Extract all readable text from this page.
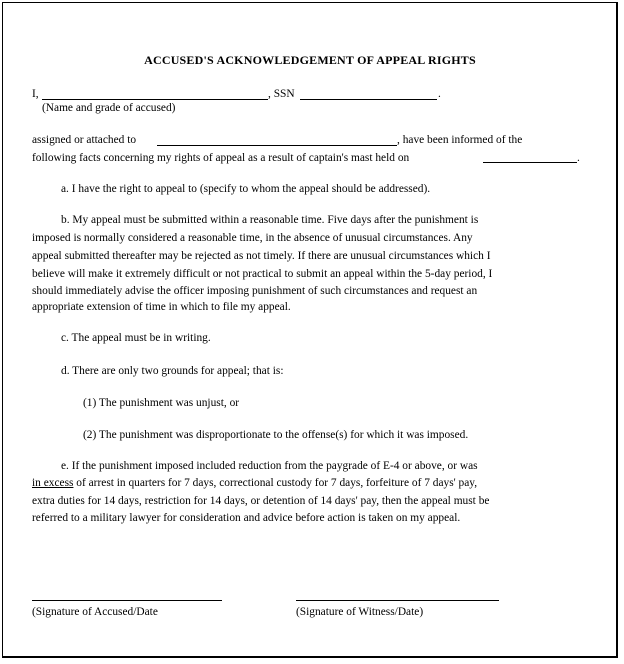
ACCUSED'S ACKNOWLEDGEMENT OF APPEAL RIGHTS
I,	, SSN	.
(Name and grade of accused)
assigned or attached to	, have been informed of the
following facts concerning my rights of appeal as a result of captain's mast held on	.
a. I have the right to appeal to (specify to whom the appeal should be addressed).
b. My appeal must be submitted within a reasonable time. Five days after the punishment is
imposed is normally considered a reasonable time, in the absence of unusual circumstances. Any
appeal submitted thereafter may be rejected as not timely. If there are unusual circumstances which I
believe will make it extremely difficult or not practical to submit an appeal within the 5-day period, I
should immediately advise the officer imposing punishment of such circumstances and request an
appropriate extension of time in which to file my appeal.
c. The appeal must be in writing.
d. There are only two grounds for appeal; that is:
(1) The punishment was unjust, or
(2) The punishment was disproportionate to the offense(s) for which it was imposed.
e. If the punishment imposed included reduction from the paygrade of E-4 or above, or was
in excess of arrest in quarters for 7 days, correctional custody for 7 days, forfeiture of 7 days' pay,
extra duties for 14 days, restriction for 14 days, or detention of 14 days' pay, then the appeal must be
referred to a military lawyer for consideration and advice before action is taken on my appeal.
(Signature of Accused/Date	(Signature of Witness/Date)
